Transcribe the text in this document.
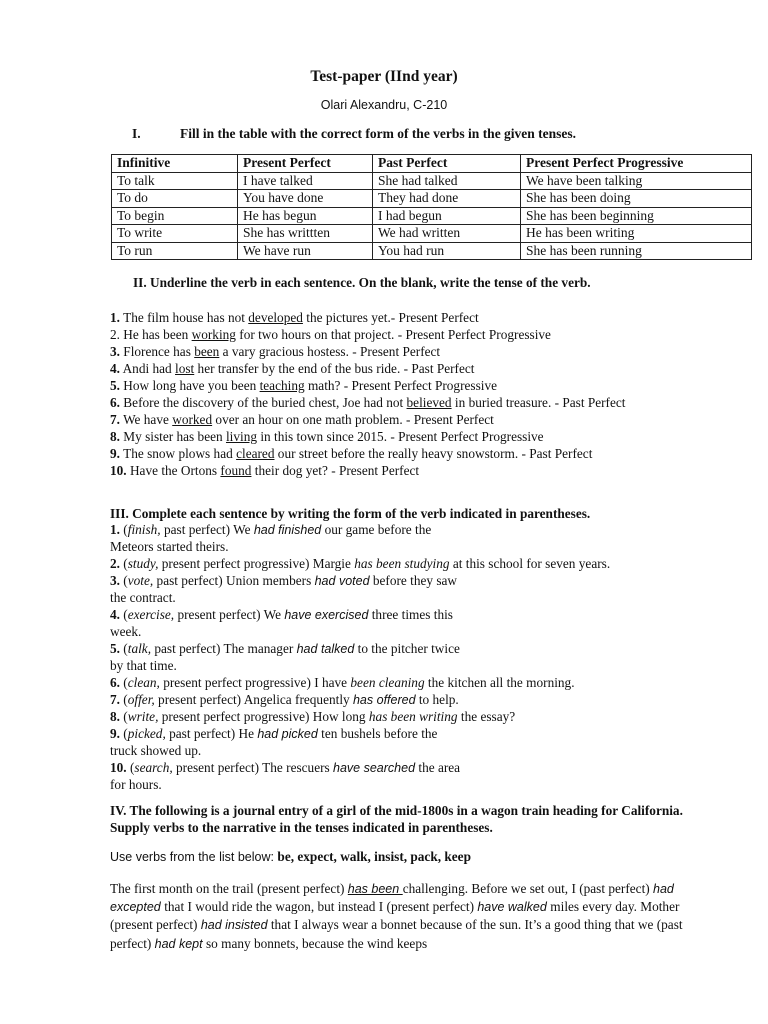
Test-paper (IInd year)
Olari Alexandru, C-210
I.	Fill in the table with the correct form of the verbs in the given tenses.
Infinitive	Present Perfect	Past Perfect	Present Perfect Progressive
To talk	I have talked	She had talked	We have been talking
To do	You have done	They had done	She has been doing
To begin	He has begun	I had begun	She has been beginning
To write	She has writtten	We had written	He has been writing
To run	We have run	You had run	She has been running
II. Underline the verb in each sentence. On the blank, write the tense of the verb.
1. The film house has not developed the pictures yet.- Present Perfect
2. He has been working for two hours on that project. - Present Perfect Progressive
3. Florence has been a vary gracious hostess. - Present Perfect
4. Andi had lost her transfer by the end of the bus ride. - Past Perfect
5. How long have you been teaching math? - Present Perfect Progressive
6. Before the discovery of the buried chest, Joe had not believed in buried treasure. - Past Perfect
7. We have worked over an hour on one math problem. - Present Perfect
8. My sister has been living in this town since 2015. - Present Perfect Progressive
9. The snow plows had cleared our street before the really heavy snowstorm. - Past Perfect
10. Have the Ortons found their dog yet? - Present Perfect
III. Complete each sentence by writing the form of the verb indicated in parentheses.
1. (finish, past perfect) We had finished our game before the
Meteors started theirs.
2. (study, present perfect progressive) Margie has been studying at this school for seven years.
3. (vote, past perfect) Union members had voted before they saw
the contract.
4. (exercise, present perfect) We have exercised three times this
week.
5. (talk, past perfect) The manager had talked to the pitcher twice
by that time.
6. (clean, present perfect progressive) I have been cleaning the kitchen all the morning.
7. (offer, present perfect) Angelica frequently has offered to help.
8. (write, present perfect progressive) How long has been writing the essay?
9. (picked, past perfect) He had picked ten bushels before the
truck showed up.
10. (search, present perfect) The rescuers have searched the area
for hours.
IV. The following is a journal entry of a girl of the mid-1800s in a wagon train heading for California. Supply verbs to the narrative in the tenses indicated in parentheses.
Use verbs from the list below: be, expect, walk, insist, pack, keep
The first month on the trail (present perfect) has been challenging. Before we set out, I (past perfect) had excepted that I would ride the wagon, but instead I (present perfect) have walked miles every day. Mother (present perfect) had insisted that I always wear a bonnet because of the sun. It’s a good thing that we (past perfect) had kept so many bonnets, because the wind keeps
